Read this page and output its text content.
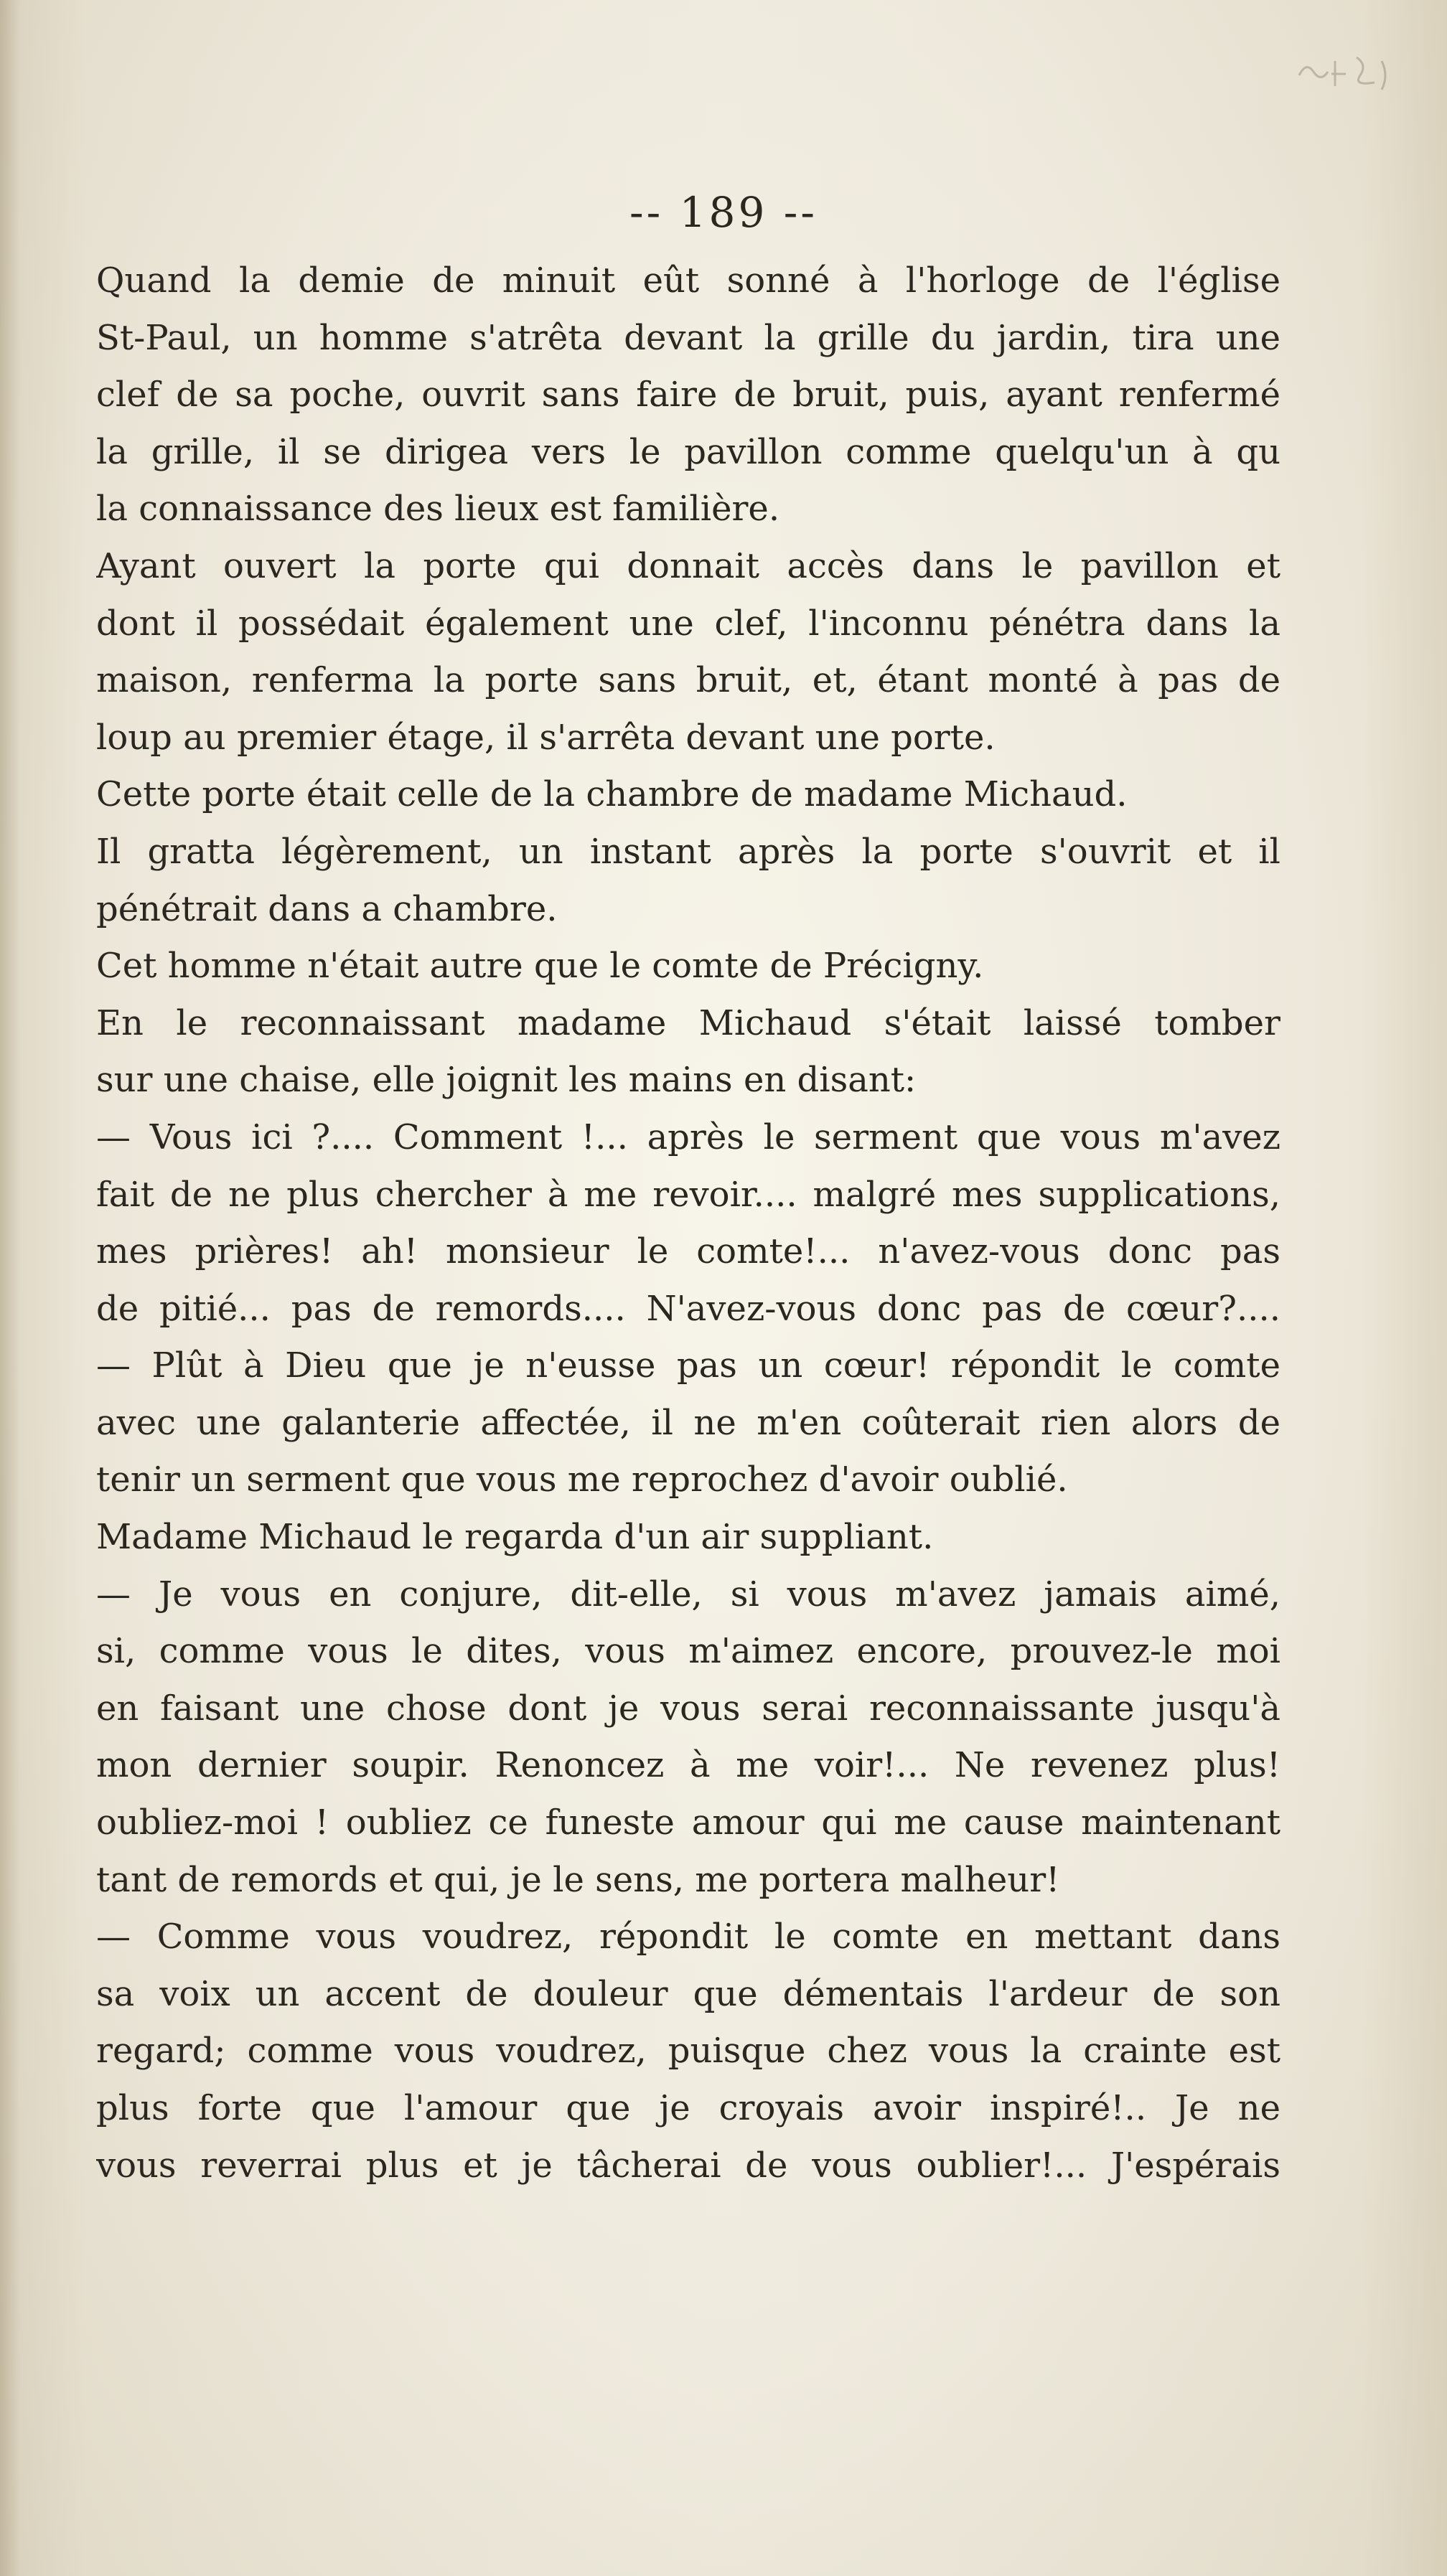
-- 189 --
Quand la demie de minuit eût sonné à l'horloge de l'église
St-Paul, un homme s'atrêta devant la grille du jardin, tira une
clef de sa poche, ouvrit sans faire de bruit, puis, ayant renfermé
la grille, il se dirigea vers le pavillon comme quelqu'un à qu
la connaissance des lieux est familière.
Ayant ouvert la porte qui donnait accès dans le pavillon et
dont il possédait également une clef, l'inconnu pénétra dans la
maison, renferma la porte sans bruit, et, étant monté à pas de
loup au premier étage, il s'arrêta devant une porte.
Cette porte était celle de la chambre de madame Michaud.
Il gratta légèrement, un instant après la porte s'ouvrit et il
pénétrait dans a chambre.
Cet homme n'était autre que le comte de Précigny.
En le reconnaissant madame Michaud s'était laissé tomber
sur une chaise, elle joignit les mains en disant:
— Vous ici ?.... Comment !... après le serment que vous m'avez
fait de ne plus chercher à me revoir.... malgré mes supplications,
mes prières! ah! monsieur le comte!... n'avez-vous donc pas
de pitié... pas de remords.... N'avez-vous donc pas de cœur?....
— Plût à Dieu que je n'eusse pas un cœur! répondit le comte
avec une galanterie affectée, il ne m'en coûterait rien alors de
tenir un serment que vous me reprochez d'avoir oublié.
Madame Michaud le regarda d'un air suppliant.
— Je vous en conjure, dit-elle, si vous m'avez jamais aimé,
si, comme vous le dites, vous m'aimez encore, prouvez-le moi
en faisant une chose dont je vous serai reconnaissante jusqu'à
mon dernier soupir. Renoncez à me voir!... Ne revenez plus!
oubliez-moi ! oubliez ce funeste amour qui me cause maintenant
tant de remords et qui, je le sens, me portera malheur!
— Comme vous voudrez, répondit le comte en mettant dans
sa voix un accent de douleur que démentais l'ardeur de son
regard; comme vous voudrez, puisque chez vous la crainte est
plus forte que l'amour que je croyais avoir inspiré!.. Je ne
vous reverrai plus et je tâcherai de vous oublier!... J'espérais
